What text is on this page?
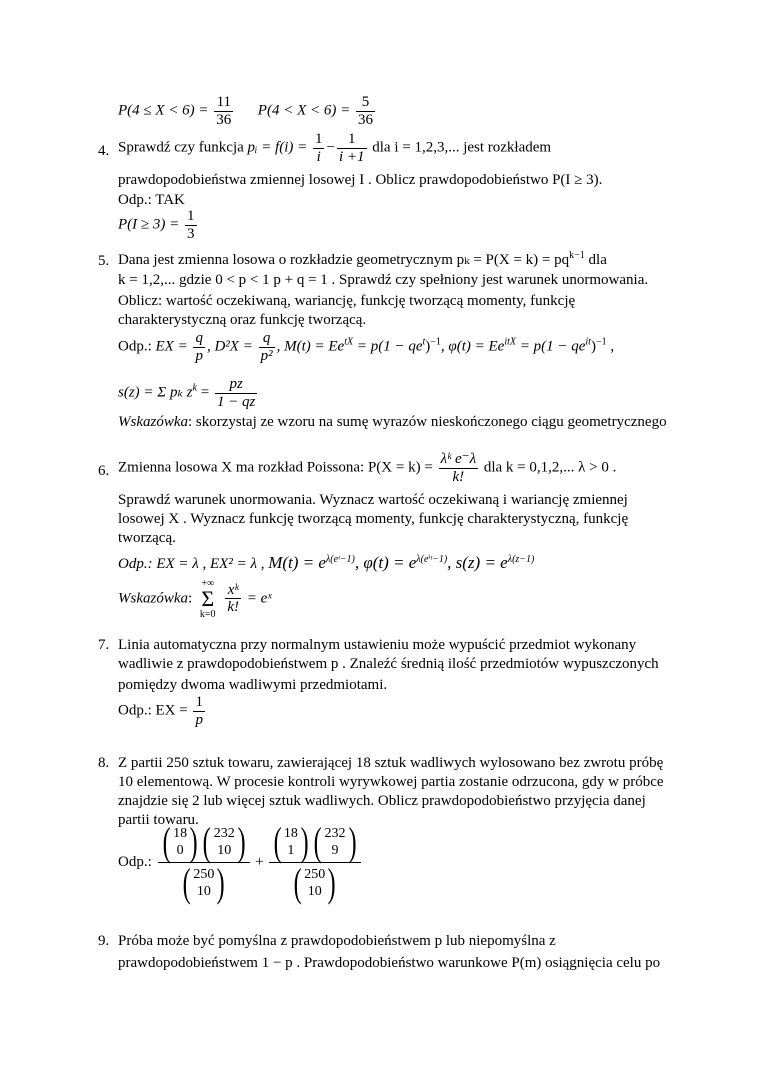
$P(4 \le X < 6) = \frac{11}{36} P(4 < X < 6) = \frac{5}{36}$
4. Sprawdź czy funkcja pᵢ = $f(i) = \frac{1}{i} - \frac{1}{i +1}$ dla i = 1,2,3,... jest rozkładem
prawdopodobieństwa zmiennej losowej I . Oblicz prawdopodobieństwo P(I ≥ 3).
Odp.: TAK
$P(I \ge 3) = \frac{1}{3}$
5. Dana jest zmienna losowa o rozkładzie geometrycznym $p_k = P(X = k) = pq^{k-1}$ dla
k = 1,2,... gdzie 0 < p < 1 p + q = 1 . Sprawdź czy spełniony jest warunek unormowania.
Oblicz: wartość oczekiwaną, wariancję, funkcję tworzącą momenty, funkcję
charakterystyczną oraz funkcję tworzącą.
Odp.: EX = $\frac{q}{p}$ , $D^2X = \frac{q}{\text{p²}}$ , $M(t) = Ee^{tX} = p(1 - qe^t)^{-1}$, $\varphi(t) = Ee^{itX} = p(1 - qe^{it})^{-1}$ ,
s(z) = Σ pₖ $z^k = \frac{pz}{1 - qz}$
Wskazówka: skorzystaj ze wzoru na sumę wyrazów nieskończonego ciągu geometrycznego
6. Zmienna losowa X ma rozkład Poissona: $P(X = k) = \frac{\text{λᵏ e⁻λ}}{k!}$ dla k = 0,1,2,... λ > 0 .
Sprawdź warunek unormowania. Wyznacz wartość oczekiwaną i wariancję zmiennej
losowej X . Wyznacz funkcję tworzącą momenty, funkcję charakterystyczną, funkcję
tworzącą.
Odp.: EX = λ , EX² = λ , $M(t) = e^{\lambda(eᵗ-1)}$, $\varphi(t) = e^{\lambda(e^iᵗ-1)}$, $s(z) = e^{\lambda(z-1)}$
Wskazówka:
+∞
Σ
k=0
$\frac{\text{xᵏ}}{k!}$ = eˣ
7. Linia automatyczna przy normalnym ustawieniu może wypuścić przedmiot wykonany
wadliwie z prawdopodobieństwem p . Znaleźć średnią ilość przedmiotów wypuszczonych
pomiędzy dwoma wadliwymi przedmiotami.
Odp.: EX = $\frac{1}{p}$
8. Z partii 250 sztuk towaru, zawierającej 18 sztuk wadliwych wylosowano bez zwrotu próbę
10 elementową. W procesie kontroli wyrywkowej partia zostanie odrzucona, gdy w próbce
znajdzie się 2 lub więcej sztuk wadliwych. Oblicz prawdopodobieństwo przyjęcia danej
partii towaru.
Odp.: ( 18
0 ) ( 232
10 )
( 250
10 ) + ( 18
1 ) ( 232
9 )
( 250
10 )
9. Próba może być pomyślna z prawdopodobieństwem p lub niepomyślna z
prawdopodobieństwem 1 − p . Prawdopodobieństwo warunkowe P(m) osiągnięcia celu po
